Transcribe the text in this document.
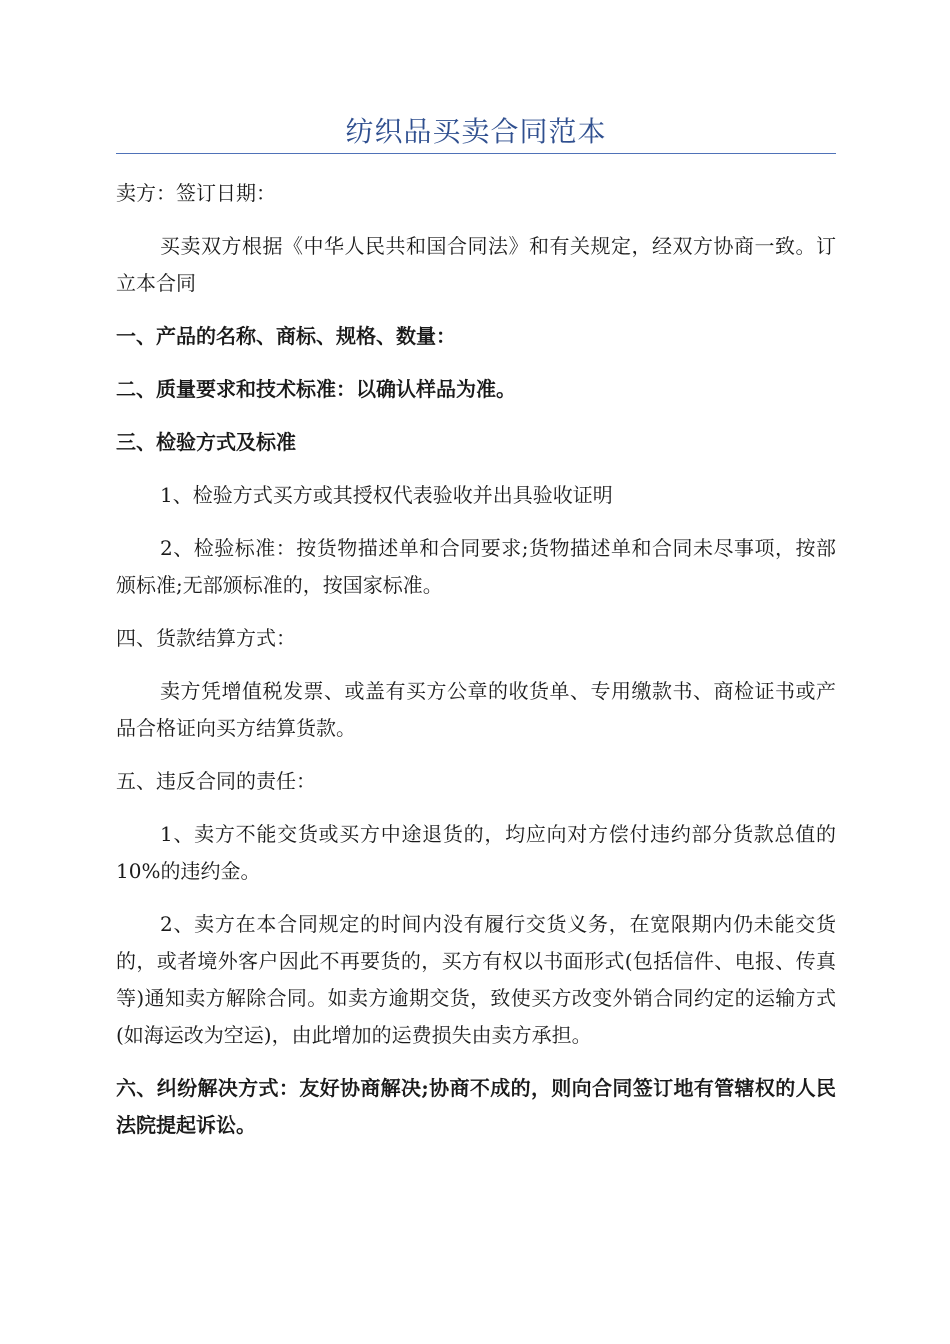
纺织品买卖合同范本

卖方：签订日期：

买卖双方根据《中华人民共和国合同法》和有关规定，经双方协商一致。订立本合同

一、产品的名称、商标、规格、数量：

二、质量要求和技术标准：以确认样品为准。

三、检验方式及标准

1、检验方式买方或其授权代表验收并出具验收证明

2、检验标准：按货物描述单和合同要求;货物描述单和合同未尽事项，按部颁标准;无部颁标准的，按国家标准。

四、货款结算方式：

卖方凭增值税发票、或盖有买方公章的收货单、专用缴款书、商检证书或产品合格证向买方结算货款。

五、违反合同的责任：

1、卖方不能交货或买方中途退货的，均应向对方偿付违约部分货款总值的 10%的违约金。

2、卖方在本合同规定的时间内没有履行交货义务，在宽限期内仍未能交货的，或者境外客户因此不再要货的，买方有权以书面形式(包括信件、电报、传真等)通知卖方解除合同。如卖方逾期交货，致使买方改变外销合同约定的运输方式(如海运改为空运)，由此增加的运费损失由卖方承担。

六、纠纷解决方式：友好协商解决;协商不成的，则向合同签订地有管辖权的人民法院提起诉讼。
